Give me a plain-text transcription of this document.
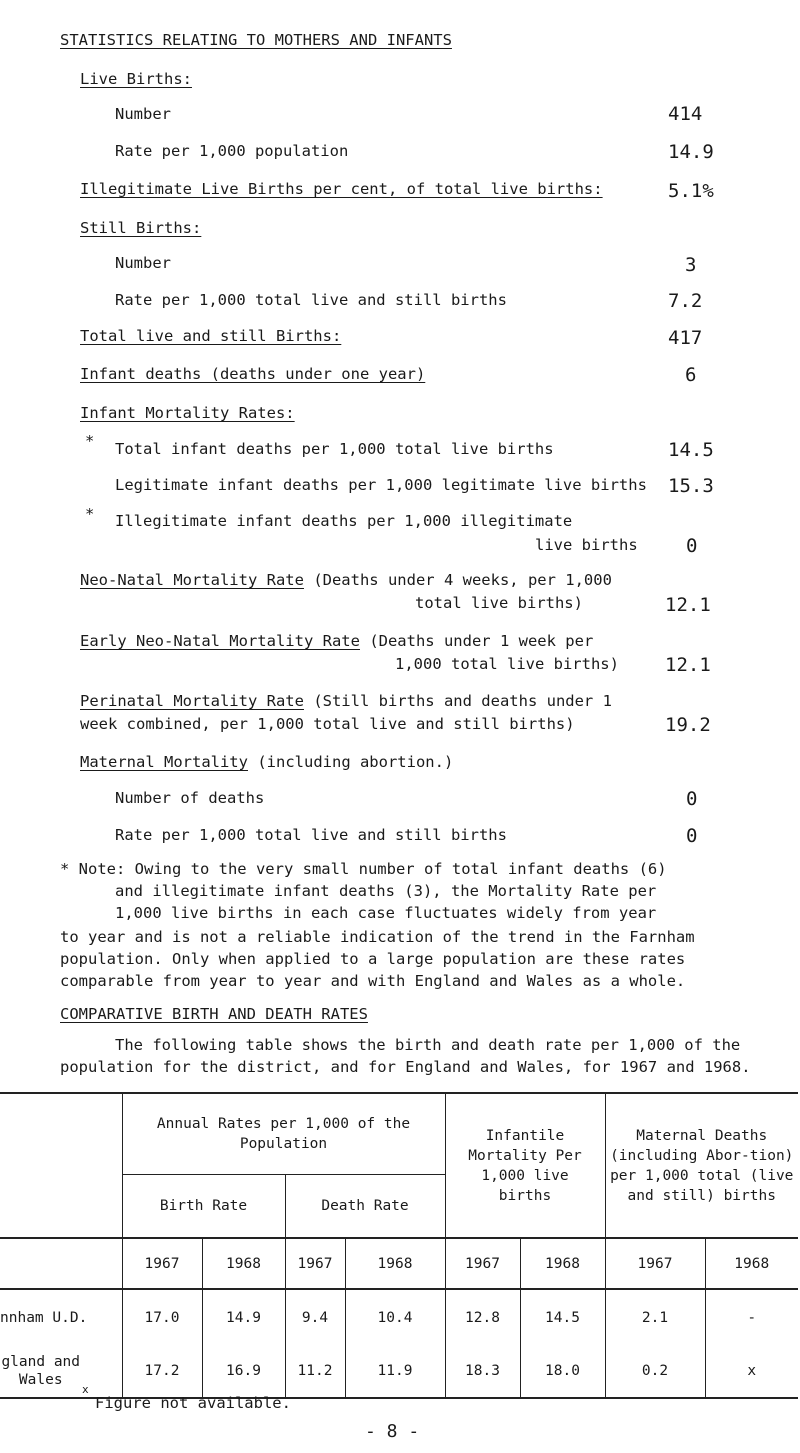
STATISTICS RELATING TO MOTHERS AND INFANTS
Live Births:
Number	414
Rate per 1,000 population	14.9
Illegitimate Live Births per cent, of total live births:	5.1%
Still Births:
Number	3
Rate per 1,000 total live and still births	7.2
Total live and still Births:	417
Infant deaths (deaths under one year)	6
Infant Mortality Rates:
* Total infant deaths per 1,000 total live births	14.5
Legitimate infant deaths per 1,000 legitimate live births 15.3
* Illegitimate infant deaths per 1,000 illegitimate
live births	0
Neo-Natal Mortality Rate (Deaths under 4 weeks, per 1,000
total live births)	12.1
Early Neo-Natal Mortality Rate (Deaths under 1 week per
1,000 total live births) 12.1
Perinatal Mortality Rate (Still births and deaths under 1
week combined, per 1,000 total live and still births)	19.2
Maternal Mortality (including abortion.)
Number of deaths	0
Rate per 1,000 total live and still births	0
* Note: Owing to the very small number of total infant deaths (6)
and illegitimate infant deaths (3), the Mortality Rate per
1,000 live births in each case fluctuates widely from year
to year and is not a reliable indication of the trend in the Farnham population. Only when applied to a large population are these rates comparable from year to year and with England and Wales as a whole.
COMPARATIVE BIRTH AND DEATH RATES
The following table shows the birth and death rate per 1,000 of the population for the district, and for England and Wales, for 1967 and 1968.
	Annual Rates per 1,000 of the Population				Infantile Mortality Per 1,000 live births		Maternal Deaths (including Abor-tion) per 1,000 total (live and still) births	
	Birth Rate		Death Rate					
	1967	1968	1967	1968	1967	1968	1967	1968
nnham U.D.	17.0	14.9	9.4	10.4	12.8	14.5	2.1	-
gland and Wales	17.2	16.9	11.2	11.9	18.3	18.0	0.2	x
x
Figure not available.
- 8 -
